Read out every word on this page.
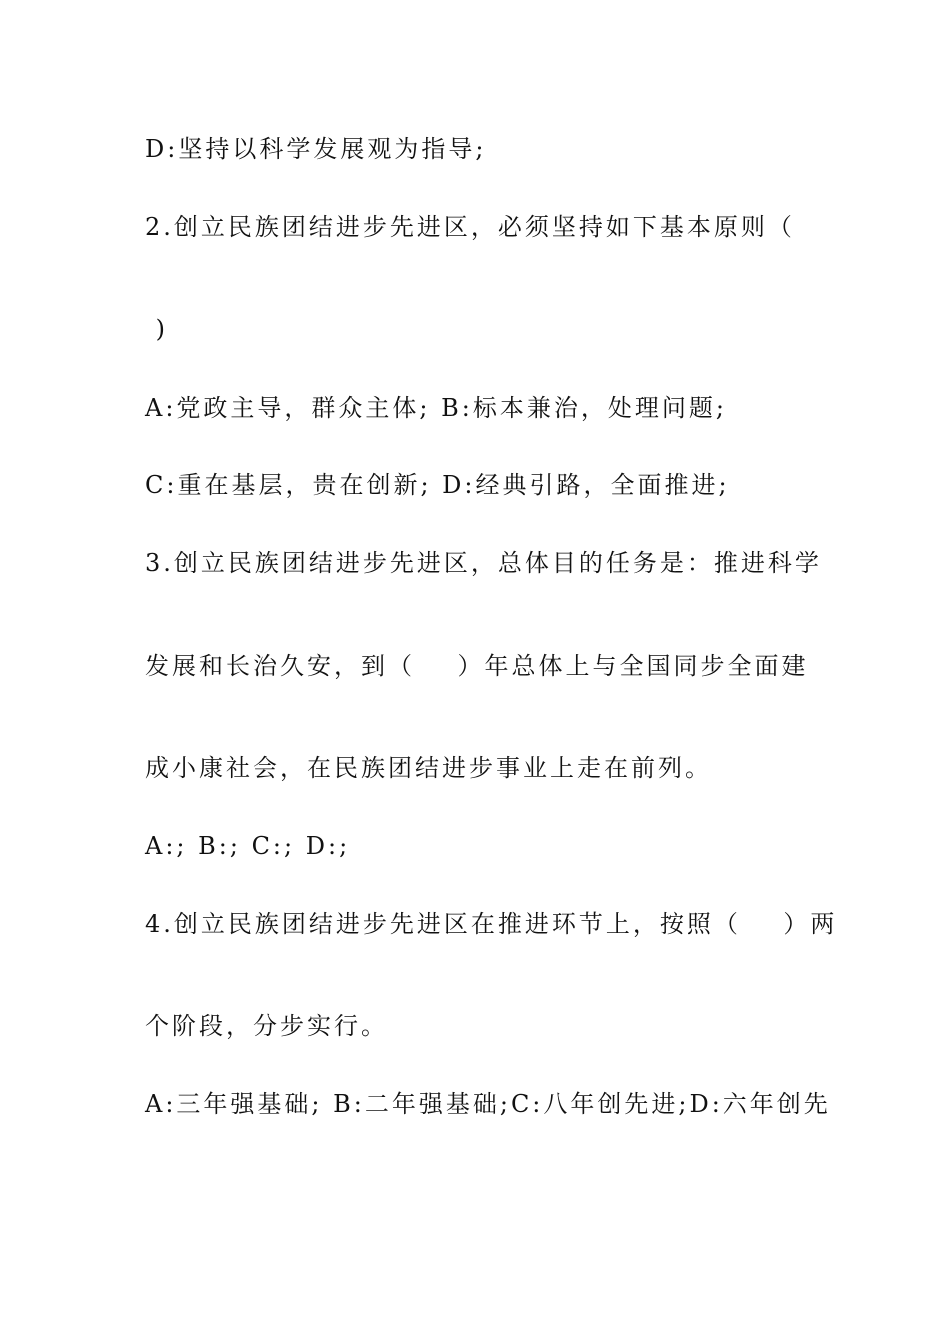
D:坚持以科学发展观为指导;
2.创立民族团结进步先进区，必须坚持如下基本原则（
)
A:党政主导，群众主体; B:标本兼治，处理问题;
C:重在基层，贵在创新; D:经典引路，全面推进;
3.创立民族团结进步先进区，总体目的任务是：推进科学
发展和长治久安，到（    ）年总体上与全国同步全面建
成小康社会，在民族团结进步事业上走在前列。
A:; B:; C:; D:;
4.创立民族团结进步先进区在推进环节上，按照（    ）两
个阶段，分步实行。
A:三年强基础; B:二年强基础;C:八年创先进;D:六年创先
